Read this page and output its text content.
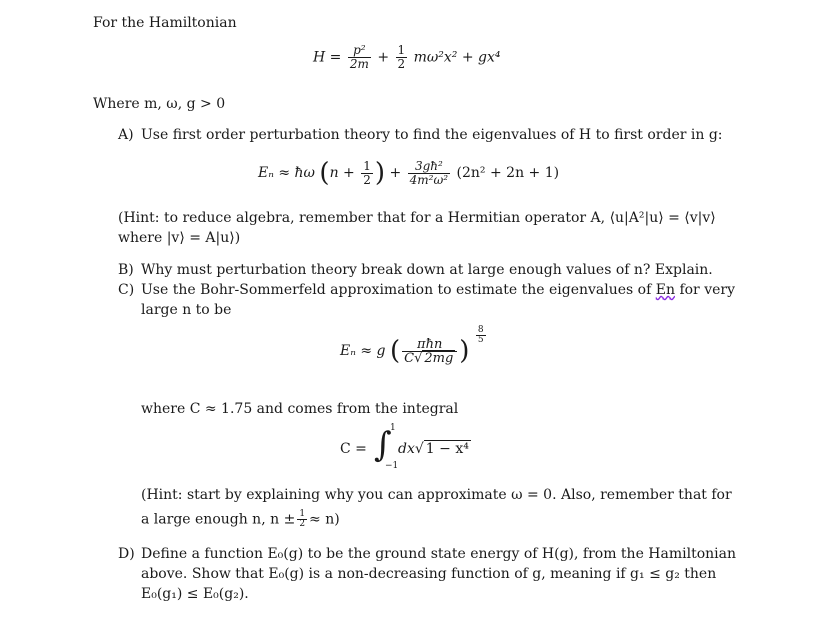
For the Hamiltonian
$H = \frac{\text{p²}}{2m} + \frac{1}{2} m\omega^2x^2 + gx^4$
Where m, ω, g > 0
A) Use first order perturbation theory to find the eigenvalues of H to first order in g:
Eₙ ≈ ħω ($n + \frac{1}{2}$ ) + $\frac{\text{3għ²}}{\text{4m²ω²}} (2n^2 + 2n + 1)$
(Hint: to reduce algebra, remember that for a Hermitian operator A, ⟨u|A²|u⟩ = ⟨v|v⟩
where |v⟩ = A|u⟩)
B) Why must perturbation theory break down at large enough values of n? Explain.
C) Use the Bohr-Sommerfeld approximation to estimate the eigenvalues of En for very
large n to be
Eₙ ≈ g ( $\frac{\text{πħn}}{C√ 2mg}$ )
$\frac{8}{5}$
where C ≈ 1.75 and comes from the integral
C = ∫
1
−1
dx√ 1 − x⁴
(Hint: start by explaining why you can approximate ω = 0. Also, remember that for
a large enough n, $n \pm \frac{1}{2} \approx n$)
D) Define a function E₀(g) to be the ground state energy of H(g), from the Hamiltonian
above. Show that E₀(g) is a non-decreasing function of g, meaning if g₁ ≤ g₂ then
E₀(g₁) ≤ E₀(g₂).
